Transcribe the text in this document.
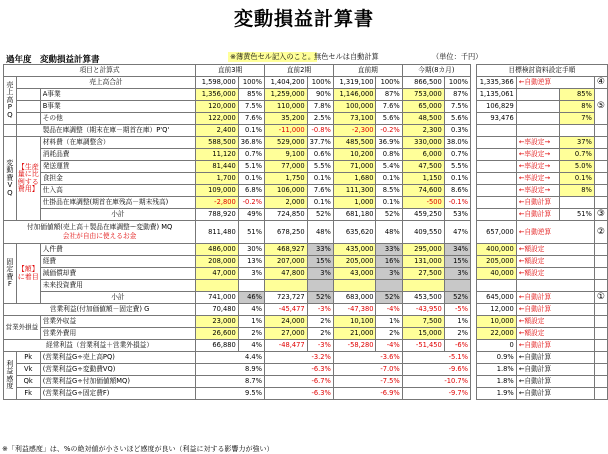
変動損益計算書
過年度　変動損益計算書	※薄黄色セル記入のこと。
無色セルは自動計算	（単位：千円）
項目と計算式			直前3期		直前2期		直前期		今期(8カ月)			目標検討資料設定手順			
売上高PQ	売上高合計		1,598,000	100%	1,404,200	100%	1,319,100	100%	866,500	100%		1,335,366	←自動逆算		④
		A事業	1,356,000	85%	1,259,000	90%	1,146,000	87%	753,000	87%		1,135,061		85%	⑤
		B事業	120,000	7.5%	110,000	7.8%	100,000	7.6%	65,000	7.5%		106,829		8%	
		その他	122,000	7.6%	35,200	2.5%	73,100	5.6%	48,500	5.6%		93,476		7%	
	製品在庫調整（期末在庫－期首在庫）P'Q'		2,400	0.1%	-11,000	-0.8%	-2,300	-0.2%	2,300	0.3%					
変動費VQ	【生産量に比例する費用】	材料費（在庫調整含）	588,500	36.8%	529,000	37.7%	485,500	36.9%	330,000	38.0%			←率設定→	37%	
		消耗品費	11,120	0.7%	9,100	0.6%	10,200	0.8%	6,000	0.7%			←率設定→	0.7%	
		発送運賃	81,440	5.1%	77,000	5.5%	71,000	5.4%	47,500	5.5%			←率設定→	5.0%	
		食担金	1,700	0.1%	1,750	0.1%	1,680	0.1%	1,150	0.1%			←率設定→	0.1%	
		仕入高	109,000	6.8%	106,000	7.6%	111,300	8.5%	74,600	8.6%			←率設定→	8%	
		仕掛品在庫調整(期首在庫残高－期末残高)	-2,800	-0.2%	2,000	0.1%	1,000	0.1%	-500	-0.1%			←自動計算		
		小計	788,920	49%	724,850	52%	681,180	52%	459,250	53%			←自動計算	51%	③
付加価値額(売上高＋製品在庫調整ー変動費) MQ
会社が自由に使えるお金			811,480	51%	678,250	48%	635,620	48%	409,550	47%		657,000	←自動逆算		②
固定費F	【額】に着目	人件費	486,000	30%	468,927	33%	435,000	33%	295,000	34%		400,000	←額設定		
		経費	208,000	13%	207,000	15%	205,000	16%	131,000	15%		205,000	←額設定		
		減価償却費	47,000	3%	47,800	3%	43,000	3%	27,500	3%		40,000	←額設定		
		未来投資費用													
		小計	741,000	46%	723,727	52%	683,000	52%	453,500	52%		645,000	←自動計算		①
営業利益(付加価値額－固定費) G			70,480	4%	-45,477	-3%	-47,380	-4%	-43,950	-5%		12,000	←自動計算		
営業外損益		営業外収益	23,000	1%	24,000	2%	10,100	1%	7,500	1%		10,000	←額設定		
		営業外費用	26,600	2%	27,000	2%	21,000	2%	15,000	2%		22,000	←額設定		
経常利益（営業利益＋営業外損益）			66,880	4%	-48,477	-3%	-58,280	-4%	-51,450	-6%		0	←自動計算		
利益感度	Pk	(営業利益G÷売上高PQ)	4.4%		-3.2%		-3.6%		-5.1%			0.9%	←自動計算		
	Vk	(営業利益G÷変動費VQ)	8.9%		-6.3%		-7.0%		-9.6%			1.8%	←自動計算		
	Qk	(営業利益G÷付加価値額MQ)	8.7%		-6.7%		-7.5%		-10.7%			1.8%	←自動計算		
	Fk	(営業利益G÷固定費F)	9.5%		-6.3%		-6.9%		-9.7%			1.9%	←自動計算		
※「利益感度」は、%の絶対値が小さいほど感度が良い（利益に対する影響力が強い）
